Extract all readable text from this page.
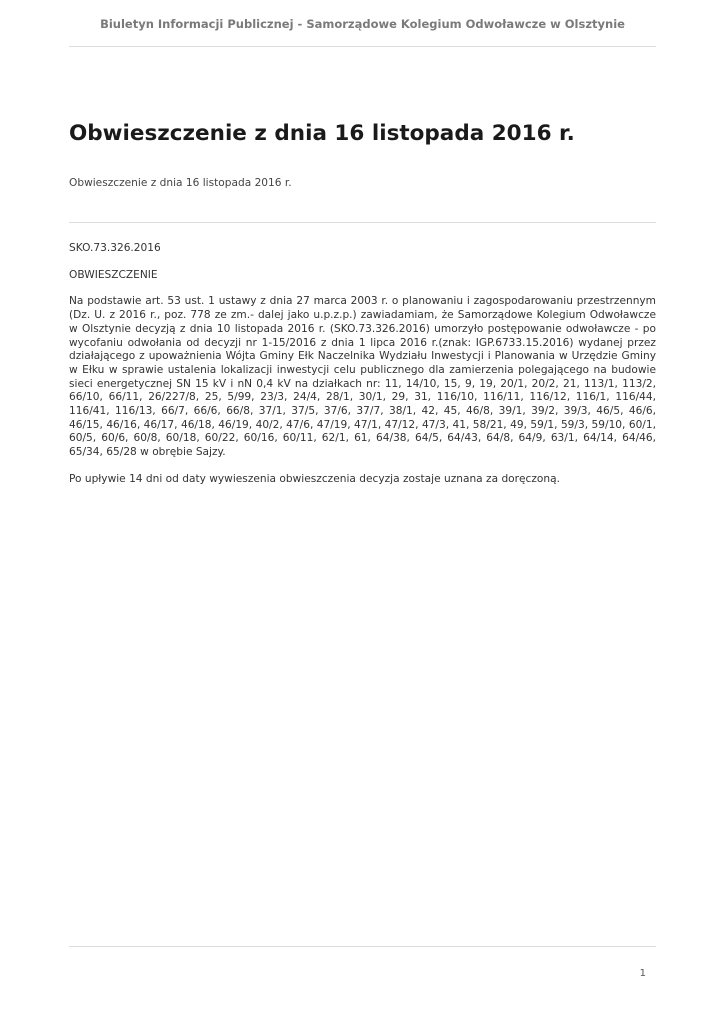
Biuletyn Informacji Publicznej - Samorządowe Kolegium Odwoławcze w Olsztynie
Obwieszczenie z dnia 16 listopada 2016 r.
Obwieszczenie z dnia 16 listopada 2016 r.

SKO.73.326.2016

OBWIESZCZENIE

Na podstawie art. 53 ust. 1 ustawy z dnia 27 marca 2003 r. o planowaniu i zagospodarowaniu przestrzennym (Dz. U. z 2016 r., poz. 778 ze zm.- dalej jako u.p.z.p.) zawiadamiam, że Samorządowe Kolegium Odwoławcze w Olsztynie decyzją z dnia 10 listopada 2016 r. (SKO.73.326.2016) umorzyło postępowanie odwoławcze - po wycofaniu odwołania od decyzji nr 1-15/2016 z dnia 1 lipca 2016 r.(znak: IGP.6733.15.2016) wydanej przez działającego z upoważnienia Wójta Gminy Ełk Naczelnika Wydziału Inwestycji i Planowania w Urzędzie Gminy w Ełku w sprawie ustalenia lokalizacji inwestycji celu publicznego dla zamierzenia polegającego na budowie sieci energetycznej SN 15 kV i nN 0,4 kV na działkach nr: 11, 14/10, 15, 9, 19, 20/1, 20/2, 21, 113/1, 113/2, 66/10, 66/11, 26/227/8, 25, 5/99, 23/3, 24/4, 28/1, 30/1, 29, 31, 116/10, 116/11, 116/12, 116/1, 116/44, 116/41, 116/13, 66/7, 66/6, 66/8, 37/1, 37/5, 37/6, 37/7, 38/1, 42, 45, 46/8, 39/1, 39/2, 39/3, 46/5, 46/6, 46/15, 46/16, 46/17, 46/18, 46/19, 40/2, 47/6, 47/19, 47/1, 47/12, 47/3, 41, 58/21, 49, 59/1, 59/3, 59/10, 60/1, 60/5, 60/6, 60/8, 60/18, 60/22, 60/16, 60/11, 62/1, 61, 64/38, 64/5, 64/43, 64/8, 64/9, 63/1, 64/14, 64/46, 65/34, 65/28 w obrębie Sajzy.

Po upływie 14 dni od daty wywieszenia obwieszczenia decyzja zostaje uznana za doręczoną.

1
